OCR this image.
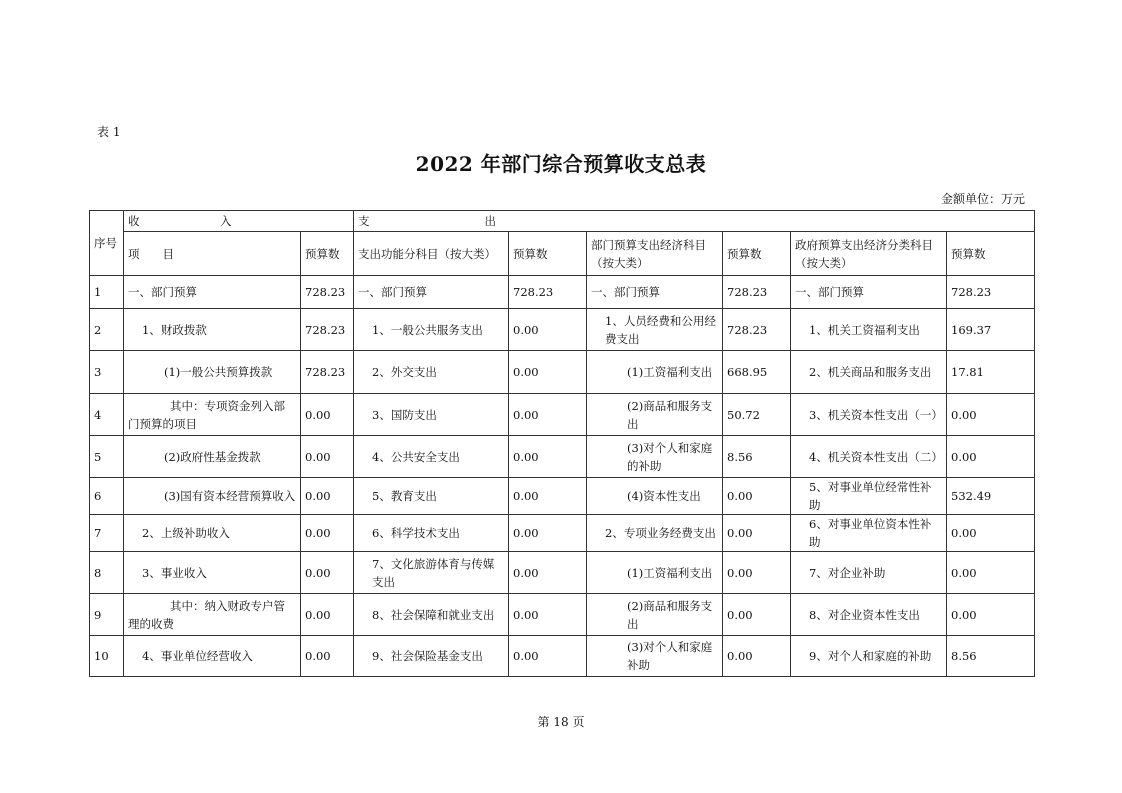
表 1
2022 年部门综合预算收支总表
金额单位：万元
序号	收　　　　　　　入		支　　　　　　　　　　出					
	项　　目	预算数	支出功能分科目（按大类）	预算数	部门预算支出经济科目（按大类）	预算数	政府预算支出经济分类科目（按大类）	预算数
1	一、部门预算	728.23	一、部门预算	728.23	一、部门预算	728.23	一、部门预算	728.23
2	1、财政拨款	728.23	1、一般公共服务支出	0.00	1、人员经费和公用经费支出	728.23	1、机关工资福利支出	169.37
3	(1)一般公共预算拨款	728.23	2、外交支出	0.00	(1)工资福利支出	668.95	2、机关商品和服务支出	17.81
4	其中：专项资金列入部门预算的项目	0.00	3、国防支出	0.00	(2)商品和服务支出	50.72	3、机关资本性支出（一）	0.00
5	(2)政府性基金拨款	0.00	4、公共安全支出	0.00	(3)对个人和家庭的补助	8.56	4、机关资本性支出（二）	0.00
6	(3)国有资本经营预算收入	0.00	5、教育支出	0.00	(4)资本性支出	0.00	5、对事业单位经常性补助	532.49
7	2、上级补助收入	0.00	6、科学技术支出	0.00	2、专项业务经费支出	0.00	6、对事业单位资本性补助	0.00
8	3、事业收入	0.00	7、文化旅游体育与传媒支出	0.00	(1)工资福利支出	0.00	7、对企业补助	0.00
9	其中：纳入财政专户管理的收费	0.00	8、社会保障和就业支出	0.00	(2)商品和服务支出	0.00	8、对企业资本性支出	0.00
10	4、事业单位经营收入	0.00	9、社会保险基金支出	0.00	(3)对个人和家庭补助	0.00	9、对个人和家庭的补助	8.56
第 18 页
